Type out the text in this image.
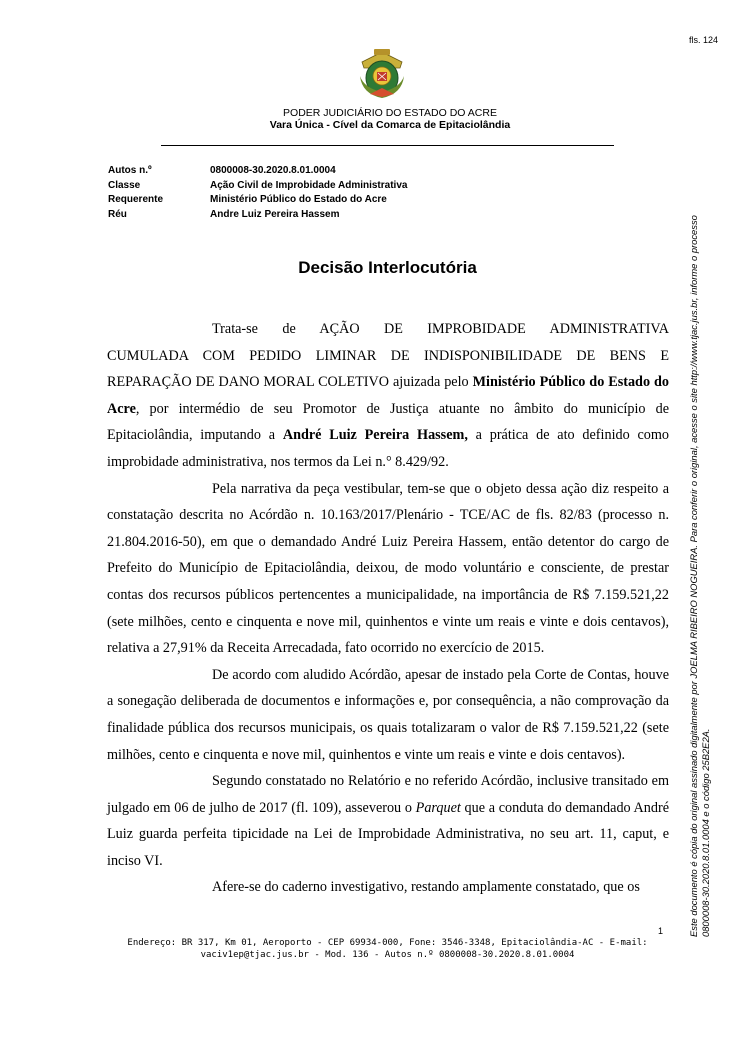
fls. 124
PODER JUDICIÁRIO DO ESTADO DO ACRE
Vara Única - Cível da Comarca de Epitaciolândia
Autos n.º	0800008-30.2020.8.01.0004
Classe	Ação Civil de Improbidade Administrativa
Requerente	Ministério Público do Estado do Acre
Réu	Andre Luiz Pereira Hassem
Decisão Interlocutória

Trata-se de AÇÃO DE IMPROBIDADE ADMINISTRATIVA

CUMULADA COM PEDIDO LIMINAR DE INDISPONIBILIDADE DE BENS E REPARAÇÃO DE DANO MORAL COLETIVO ajuizada pelo Ministério Público do Estado do Acre, por intermédio de seu Promotor de Justiça atuante no âmbito do município de Epitaciolândia, imputando a André Luiz Pereira Hassem, a prática de ato definido como improbidade administrativa, nos termos da Lei n.° 8.429/92.

Pela narrativa da peça vestibular, tem-se que o objeto dessa ação diz respeito a constatação descrita no Acórdão n. 10.163/2017/Plenário - TCE/AC de fls. 82/83 (processo n. 21.804.2016-50), em que o demandado André Luiz Pereira Hassem, então detentor do cargo de Prefeito do Município de Epitaciolândia, deixou, de modo voluntário e consciente, de prestar contas dos recursos públicos pertencentes a municipalidade, na importância de R$ 7.159.521,22 (sete milhões, cento e cinquenta e nove mil, quinhentos e vinte um reais e vinte e dois centavos), relativa a 27,91% da Receita Arrecadada, fato ocorrido no exercício de 2015.

De acordo com aludido Acórdão, apesar de instado pela Corte de Contas, houve a sonegação deliberada de documentos e informações e, por consequência, a não comprovação da finalidade pública dos recursos municipais, os quais totalizaram o valor de R$ 7.159.521,22 (sete milhões, cento e cinquenta e nove mil, quinhentos e vinte um reais e vinte e dois centavos).

Segundo constatado no Relatório e no referido Acórdão, inclusive transitado em julgado em 06 de julho de 2017 (fl. 109), asseverou o Parquet que a conduta do demandado André Luiz guarda perfeita tipicidade na Lei de Improbidade Administrativa, no seu art. 11, caput, e inciso VI.

Afere-se do caderno investigativo, restando amplamente constatado, que os

1
Endereço: BR 317, Km 01, Aeroporto - CEP 69934-000, Fone: 3546-3348, Epitaciolândia-AC - E-mail:
vaciv1ep@tjac.jus.br - Mod. 136 - Autos n.º 0800008-30.2020.8.01.0004
Este documento é cópia do original assinado digitalmente por JOELMA RIBEIRO NOGUEIRA. Para conferir o original, acesse o site http://www.tjac.jus.br, informe o processo 0800008-30.2020.8.01.0004 e o código 25B2E2A.
